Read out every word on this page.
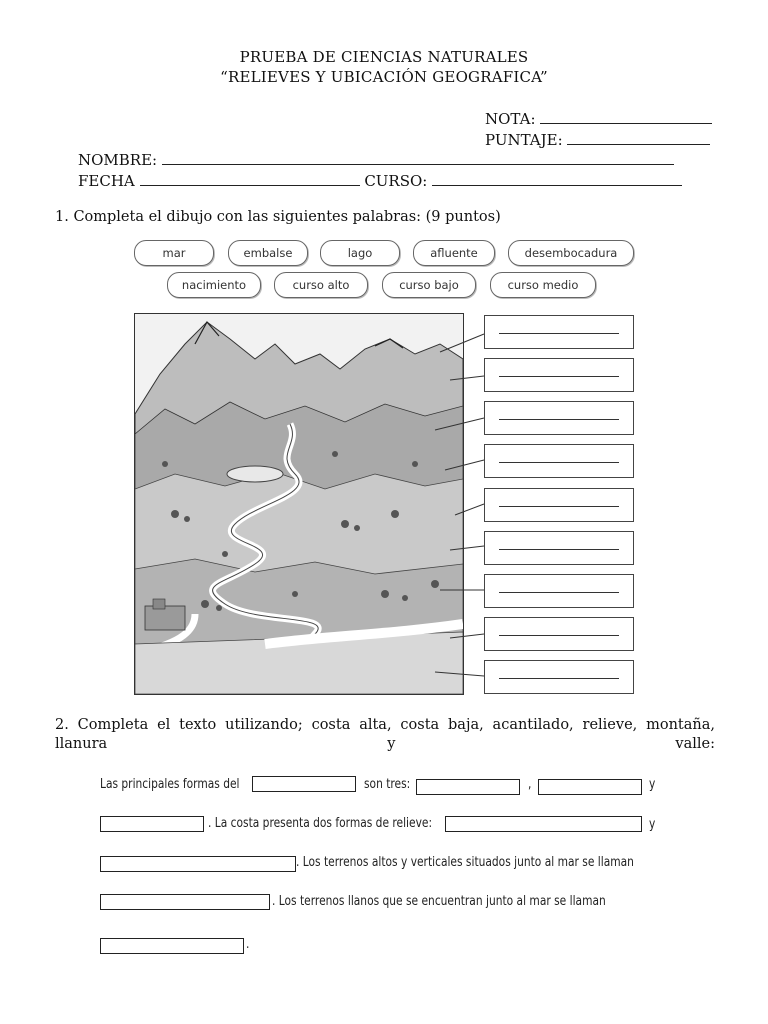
PRUEBA DE CIENCIAS NATURALES
“RELIEVES Y UBICACIÓN GEOGRAFICA”
NOTA:
PUNTAJE:
NOMBRE:
FECHA	CURSO:
1. Completa el dibujo con las siguientes palabras: (9 puntos)
mar	embalse	lago	afluente	desembocadura
nacimiento	curso alto	curso bajo	curso medio
2. Completa el texto utilizando; costa alta, costa baja, acantilado, relieve, montaña, llanura y valle:
Las principales formas del	son tres:	,	y
. La costa presenta dos formas de relieve:	y
. Los terrenos altos y verticales situados junto al mar se llaman
. Los terrenos llanos que se encuentran junto al mar se llaman
.
